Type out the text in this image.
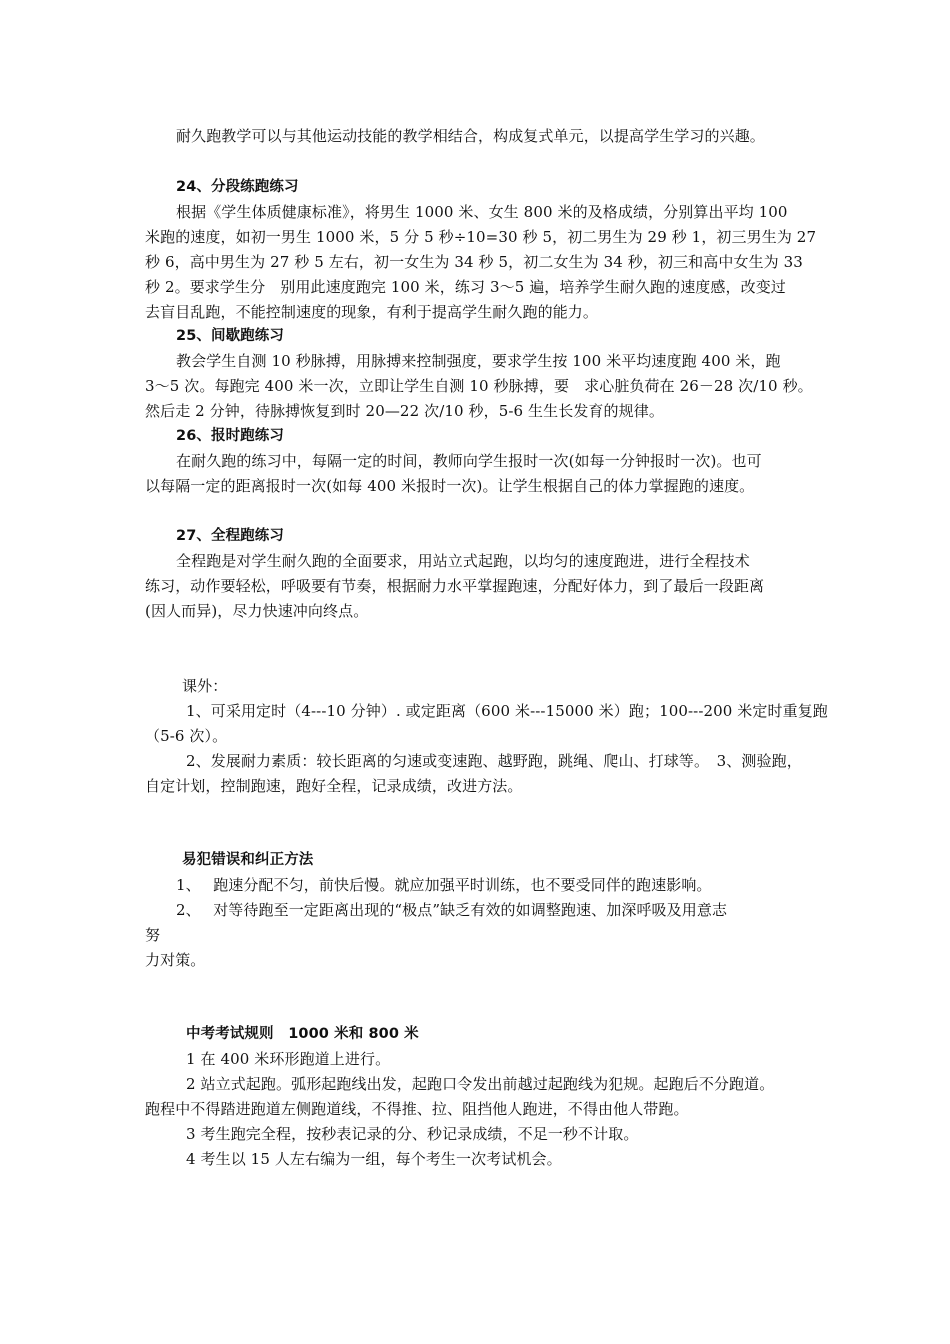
耐久跑教学可以与其他运动技能的教学相结合，构成复式单元，以提高学生学习的兴趣。
24、分段练跑练习
根据《学生体质健康标准》，将男生 1000 米、女生 800 米的及格成绩，分别算出平均 100
米跑的速度，如初一男生 1000 米，5 分 5 秒÷10=30 秒 5，初二男生为 29 秒 1，初三男生为 27
秒 6，高中男生为 27 秒 5 左右，初一女生为 34 秒 5，初二女生为 34 秒，初三和高中女生为 33
秒 2。要求学生分　别用此速度跑完 100 米，练习 3～5 遍，培养学生耐久跑的速度感，改变过
去盲目乱跑，不能控制速度的现象，有利于提高学生耐久跑的能力。
25、间歇跑练习
教会学生自测 10 秒脉搏，用脉搏来控制强度，要求学生按 100 米平均速度跑 400 米，跑
3～5 次。每跑完 400 米一次，立即让学生自测 10 秒脉搏，要　求心脏负荷在 26－28 次/10 秒。
然后走 2 分钟，待脉搏恢复到时 20—22 次/10 秒，5-6 生生长发育的规律。
26、报时跑练习
在耐久跑的练习中，每隔一定的时间，教师向学生报时一次(如每一分钟报时一次)。也可
以每隔一定的距离报时一次(如每 400 米报时一次)。让学生根据自己的体力掌握跑的速度。
27、全程跑练习
全程跑是对学生耐久跑的全面要求，用站立式起跑，以均匀的速度跑进，进行全程技术
练习，动作要轻松，呼吸要有节奏，根据耐力水平掌握跑速，分配好体力，到了最后一段距离
(因人而异)，尽力快速冲向终点。
课外：
1、可采用定时（4---10 分钟）. 或定距离（600 米---15000 米）跑；100---200 米定时重复跑
（5-6 次）。
2、发展耐力素质：较长距离的匀速或变速跑、越野跑，跳绳、爬山、打球等。　3、测验跑，
自定计划，控制跑速，跑好全程，记录成绩，改进方法。
易犯错误和纠正方法
1、　 跑速分配不匀，前快后慢。就应加强平时训练，也不要受同伴的跑速影响。
2、　 对等待跑至一定距离出现的“极点”缺乏有效的如调整跑速、加深呼吸及用意志
努
力对策。
中考考试规则　1000 米和 800 米
1 在 400 米环形跑道上进行。
2 站立式起跑。弧形起跑线出发，起跑口令发出前越过起跑线为犯规。起跑后不分跑道。
跑程中不得踏进跑道左侧跑道线，不得推、拉、阻挡他人跑进，不得由他人带跑。
3 考生跑完全程，按秒表记录的分、秒记录成绩，不足一秒不计取。
4 考生以 15 人左右编为一组，每个考生一次考试机会。
